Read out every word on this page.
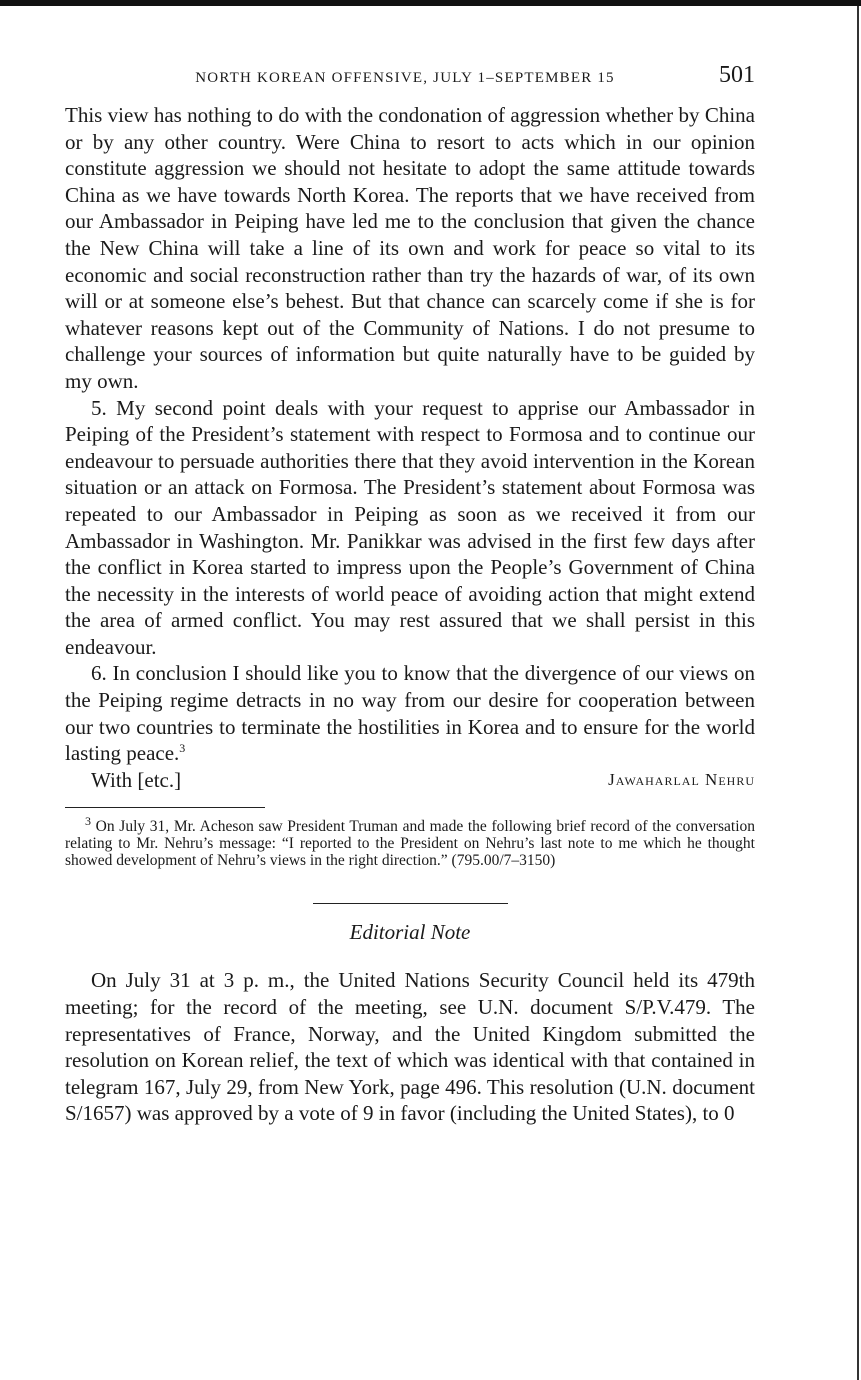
NORTH KOREAN OFFENSIVE, JULY 1–SEPTEMBER 15	501

This view has nothing to do with the condonation of aggression whether by China or by any other country. Were China to resort to acts which in our opinion constitute aggression we should not hesitate to adopt the same attitude towards China as we have towards North Korea. The reports that we have received from our Ambassador in Peiping have led me to the conclusion that given the chance the New China will take a line of its own and work for peace so vital to its economic and social reconstruction rather than try the hazards of war, of its own will or at someone else’s behest. But that chance can scarcely come if she is for whatever reasons kept out of the Community of Nations. I do not presume to challenge your sources of information but quite naturally have to be guided by my own.

5. My second point deals with your request to apprise our Ambassador in Peiping of the President’s statement with respect to Formosa and to continue our endeavour to persuade authorities there that they avoid intervention in the Korean situation or an attack on Formosa. The President’s statement about Formosa was repeated to our Ambassador in Peiping as soon as we received it from our Ambassador in Washington. Mr. Panikkar was advised in the first few days after the conflict in Korea started to impress upon the People’s Government of China the necessity in the interests of world peace of avoiding action that might extend the area of armed conflict. You may rest assured that we shall persist in this endeavour.

6. In conclusion I should like you to know that the divergence of our views on the Peiping regime detracts in no way from our desire for cooperation between our two countries to terminate the hostilities in Korea and to ensure for the world lasting peace.$^3$

With [etc.]	Jawaharlal Nehru

$^3$ On July 31, Mr. Acheson saw President Truman and made the following brief record of the conversation relating to Mr. Nehru’s message: “I reported to the President on Nehru’s last note to me which he thought showed development of Nehru’s views in the right direction.” (795.00/7–3150)

Editorial Note

On July 31 at 3 p. m., the United Nations Security Council held its 479th meeting; for the record of the meeting, see U.N. document S/P.V.479. The representatives of France, Norway, and the United Kingdom submitted the resolution on Korean relief, the text of which was identical with that contained in telegram 167, July 29, from New York, page 496. This resolution (U.N. document S/1657) was approved by a vote of 9 in favor (including the United States), to 0
